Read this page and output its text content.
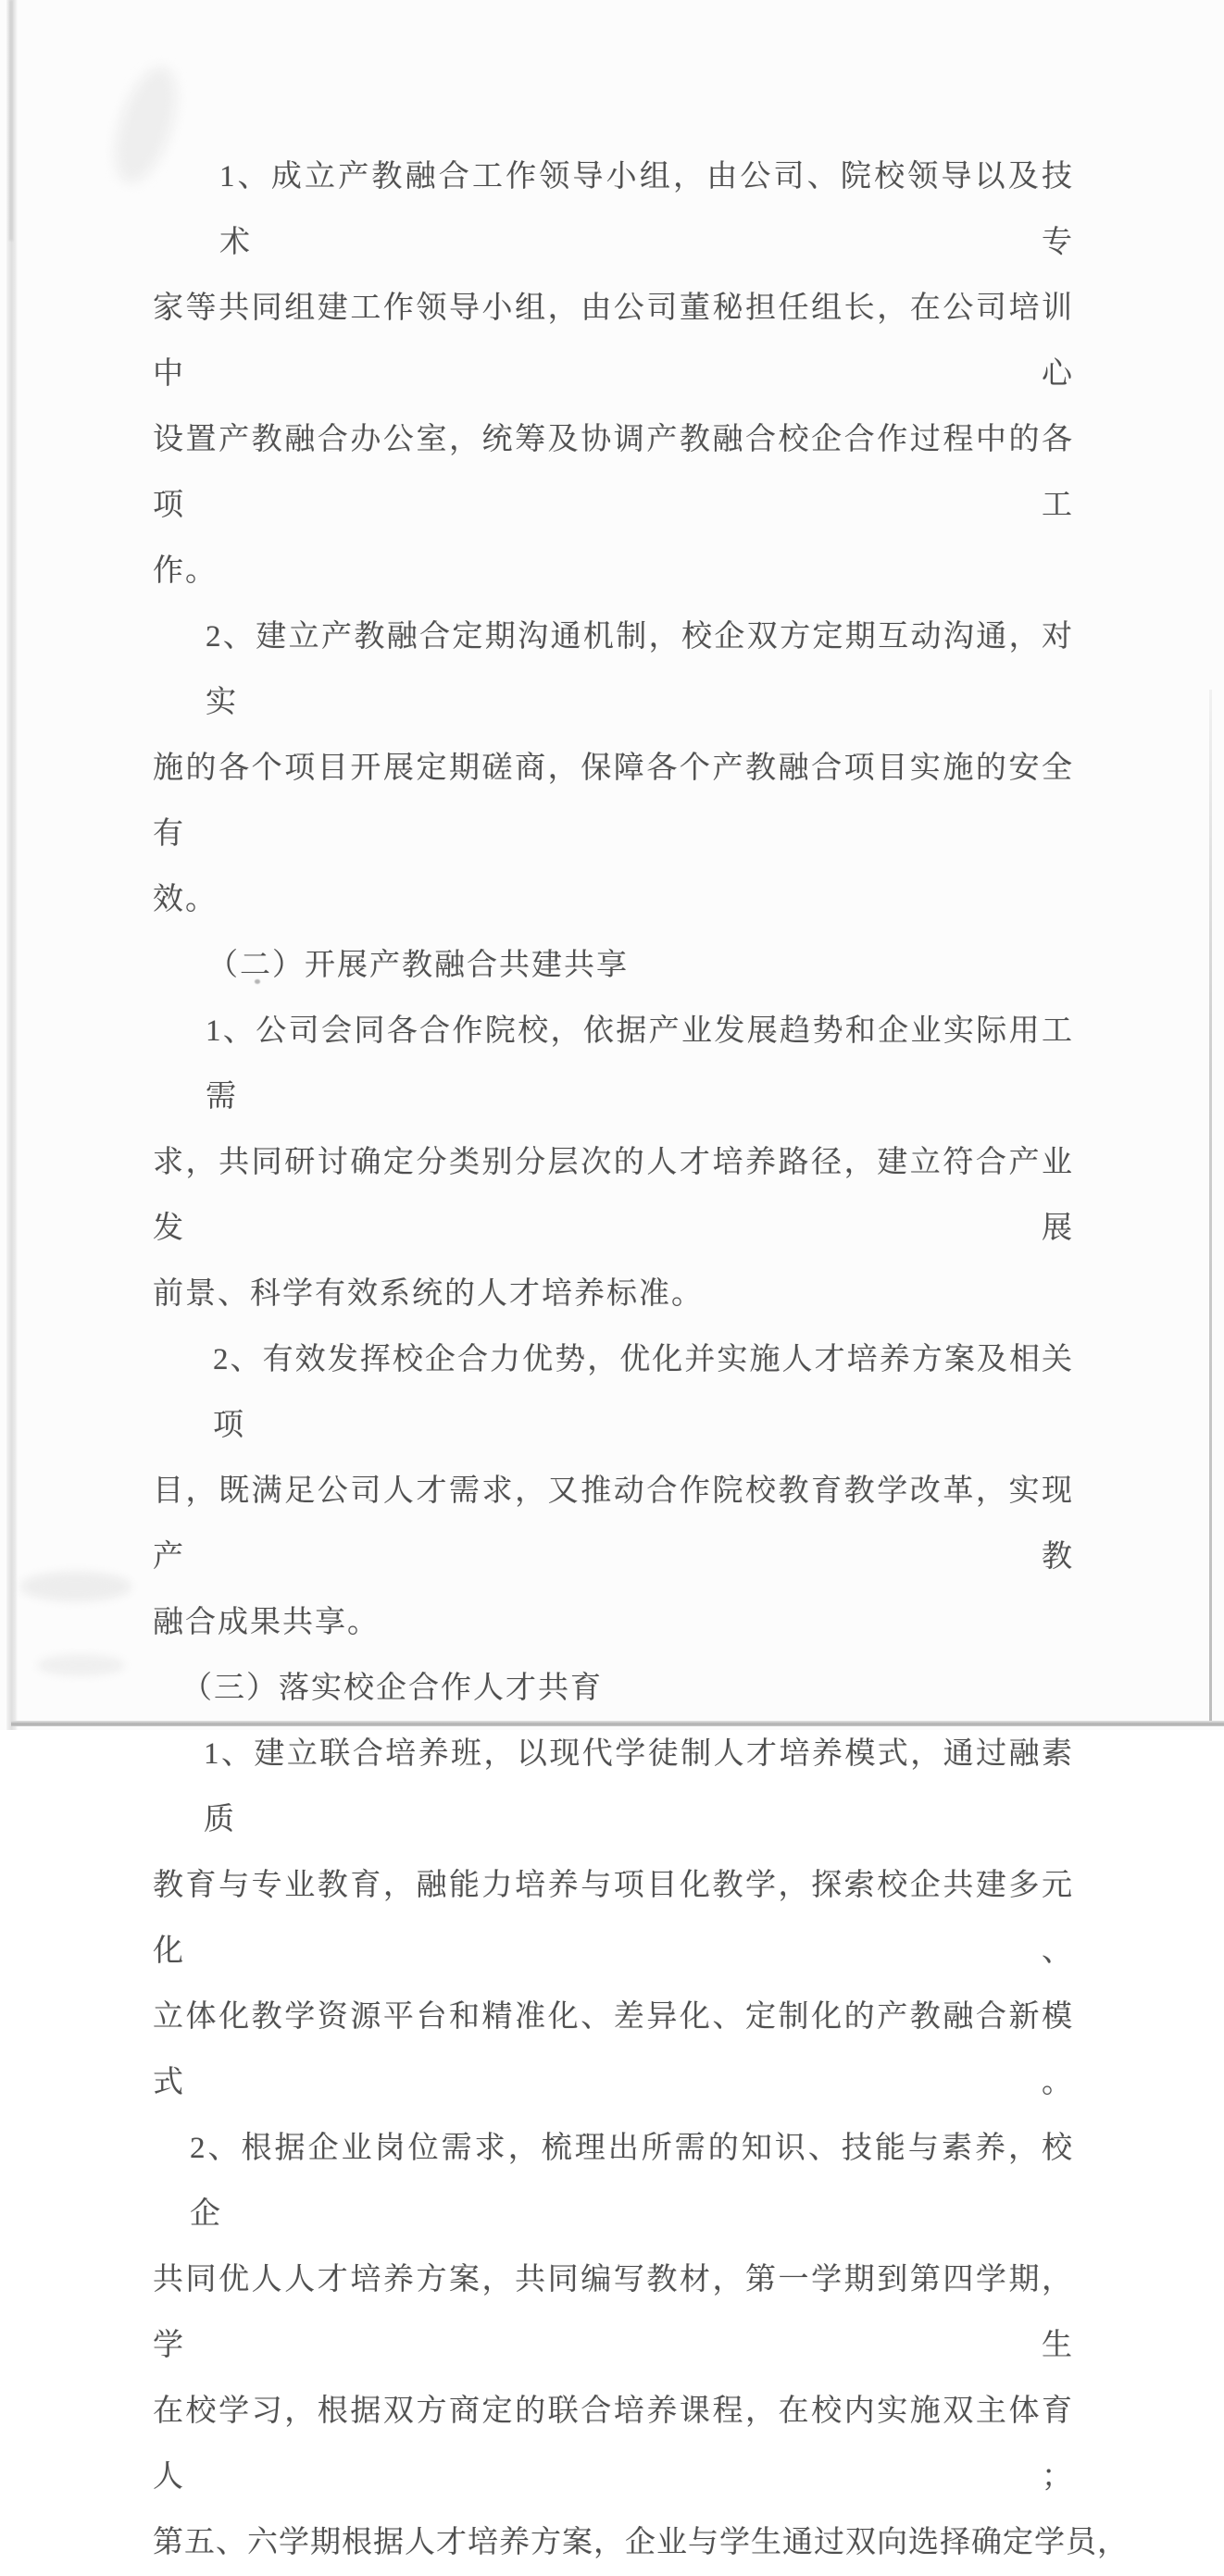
1、成立产教融合工作领导小组，由公司、院校领导以及技术专
家等共同组建工作领导小组，由公司董秘担任组长，在公司培训中心
设置产教融合办公室，统筹及协调产教融合校企合作过程中的各项工
作。
2、建立产教融合定期沟通机制，校企双方定期互动沟通，对实
施的各个项目开展定期磋商，保障各个产教融合项目实施的安全有
效。
（二）开展产教融合共建共享
1、公司会同各合作院校，依据产业发展趋势和企业实际用工需
求，共同研讨确定分类别分层次的人才培养路径，建立符合产业发展
前景、科学有效系统的人才培养标准。
2、有效发挥校企合力优势，优化并实施人才培养方案及相关项
目，既满足公司人才需求，又推动合作院校教育教学改革，实现产教
融合成果共享。
（三）落实校企合作人才共育
1、建立联合培养班，以现代学徒制人才培养模式，通过融素质
教育与专业教育，融能力培养与项目化教学，探索校企共建多元化、
立体化教学资源平台和精准化、差异化、定制化的产教融合新模式。
2、根据企业岗位需求，梳理出所需的知识、技能与素养，校企
共同优人人才培养方案，共同编写教材，第一学期到第四学期，学生
在校学习，根据双方商定的联合培养课程，在校内实施双主体育人；
第五、六学期根据人才培养方案，企业与学生通过双向选择确定学员，
